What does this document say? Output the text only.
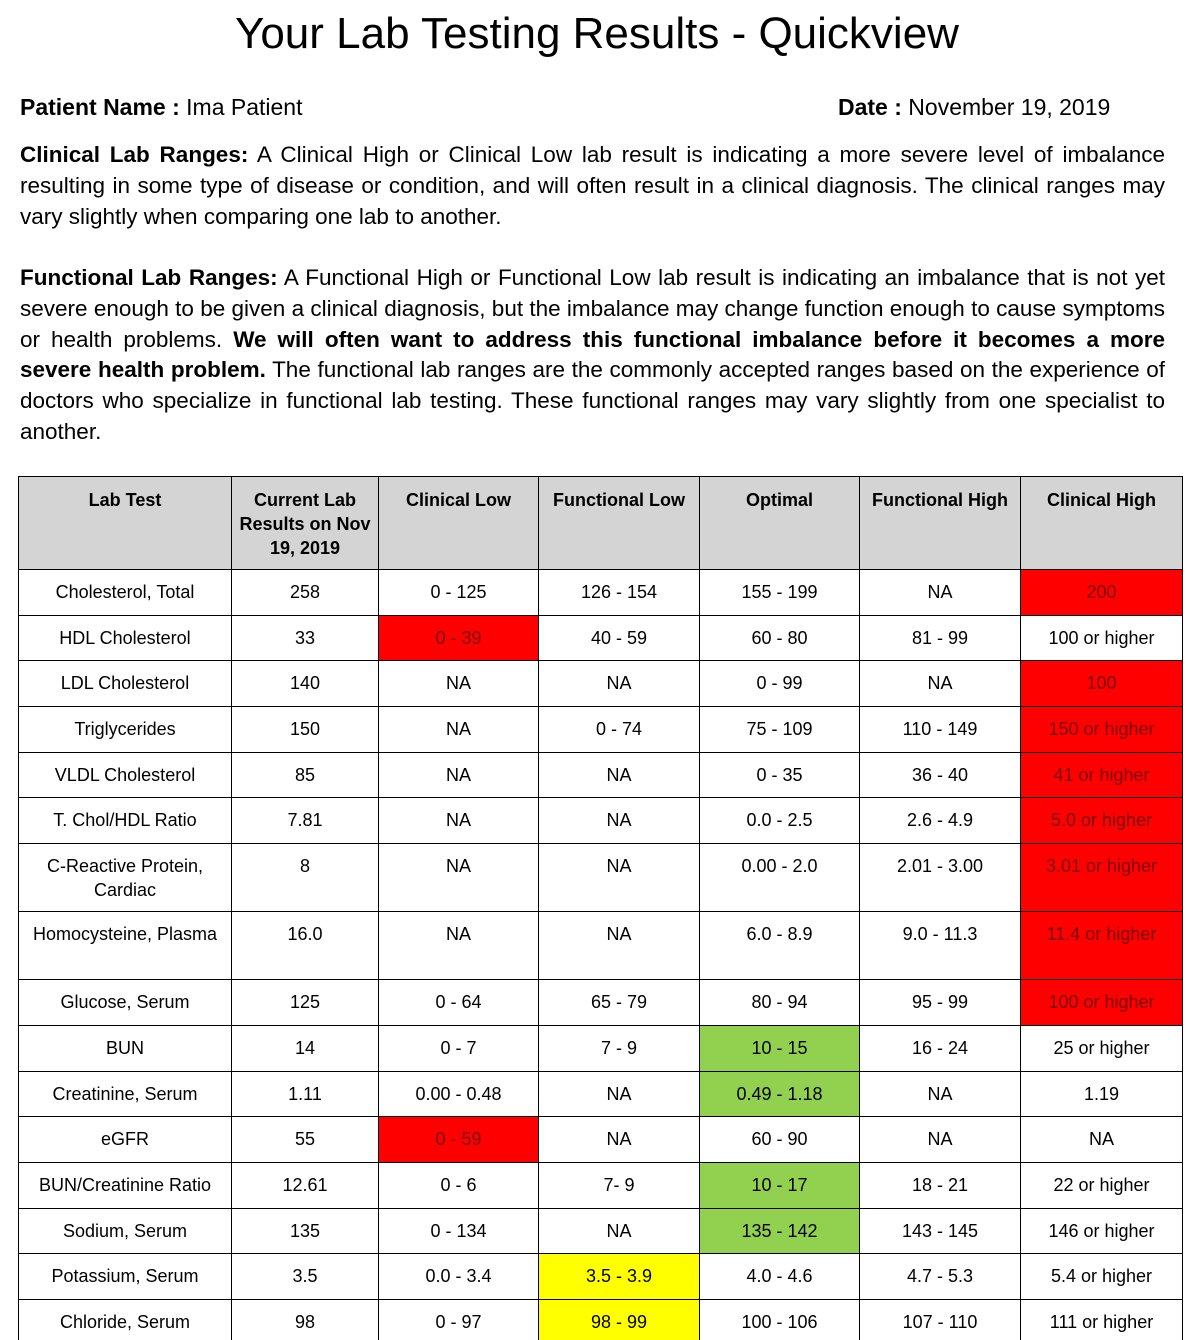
Your Lab Testing Results - Quickview
Patient Name : Ima Patient	Date : November 19, 2019

Clinical Lab Ranges: A Clinical High or Clinical Low lab result is indicating a more severe level of imbalance resulting in some type of disease or condition, and will often result in a clinical diagnosis. The clinical ranges may vary slightly when comparing one lab to another.

Functional Lab Ranges: A Functional High or Functional Low lab result is indicating an imbalance that is not yet severe enough to be given a clinical diagnosis, but the imbalance may change function enough to cause symptoms or health problems. We will often want to address this functional imbalance before it becomes a more severe health problem. The functional lab ranges are the commonly accepted ranges based on the experience of doctors who specialize in functional lab testing. These functional ranges may vary slightly from one specialist to another.

Lab Test	Current Lab Results on Nov 19, 2019	Clinical Low	Functional Low	Optimal	Functional High	Clinical High
Cholesterol, Total	258	0 - 125	126 - 154	155 - 199	NA	200
HDL Cholesterol	33	0 - 39	40 - 59	60 - 80	81 - 99	100 or higher
LDL Cholesterol	140	NA	NA	0 - 99	NA	100
Triglycerides	150	NA	0 - 74	75 - 109	110 - 149	150 or higher
VLDL Cholesterol	85	NA	NA	0 - 35	36 - 40	41 or higher
T. Chol/HDL Ratio	7.81	NA	NA	0.0 - 2.5	2.6 - 4.9	5.0 or higher
C-Reactive Protein, Cardiac	8	NA	NA	0.00 - 2.0	2.01 - 3.00	3.01 or higher
Homocysteine, Plasma	16.0	NA	NA	6.0 - 8.9	9.0 - 11.3	11.4 or higher
Glucose, Serum	125	0 - 64	65 - 79	80 - 94	95 - 99	100 or higher
BUN	14	0 - 7	7 - 9	10 - 15	16 - 24	25 or higher
Creatinine, Serum	1.11	0.00 - 0.48	NA	0.49 - 1.18	NA	1.19
eGFR	55	0 - 59	NA	60 - 90	NA	NA
BUN/Creatinine Ratio	12.61	0 - 6	7- 9	10 - 17	18 - 21	22 or higher
Sodium, Serum	135	0 - 134	NA	135 - 142	143 - 145	146 or higher
Potassium, Serum	3.5	0.0 - 3.4	3.5 - 3.9	4.0 - 4.6	4.7 - 5.3	5.4 or higher
Chloride, Serum	98	0 - 97	98 - 99	100 - 106	107 - 110	111 or higher
